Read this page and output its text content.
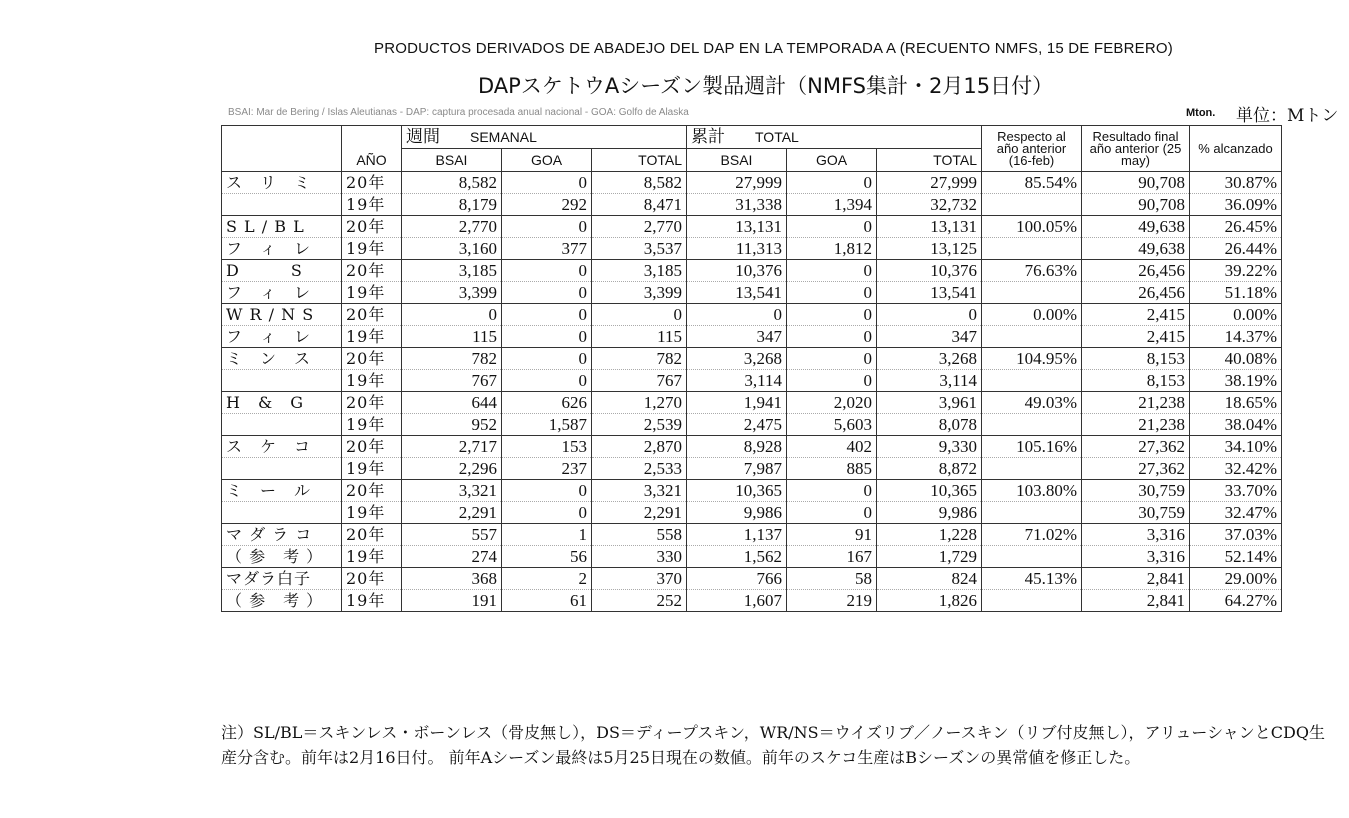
PRODUCTOS DERIVADOS DE ABADEJO DEL DAP EN LA TEMPORADA A (RECUENTO NMFS, 15 DE FEBRERO)
DAPスケトウAシーズン製品週計（NMFS集計・2月15日付）
BSAI: Mar de Bering / Islas Aleutianas - DAP: captura procesada anual nacional - GOA: Golfo de Alaska	Mton. 単位：Mトン
		週間 SEMANAL			累計 TOTAL			Respecto al año anterior (16-feb)	Resultado final año anterior (25 may)	% alcanzado
	AÑO	BSAI	GOA	TOTAL	BSAI	GOA	TOTAL			
ス　リ　ミ	20年	8,582	0	8,582	27,999	0	27,999	85.54%	90,708	30.87%
	19年	8,179	292	8,471	31,338	1,394	32,732		90,708	36.09%
S L / B L	20年	2,770	0	2,770	13,131	0	13,131	100.05%	49,638	26.45%
フ　ィ　レ	19年	3,160	377	3,537	11,313	1,812	13,125		49,638	26.44%
D　　　S	20年	3,185	0	3,185	10,376	0	10,376	76.63%	26,456	39.22%
フ　ィ　レ	19年	3,399	0	3,399	13,541	0	13,541		26,456	51.18%
W R / N S	20年	0	0	0	0	0	0	0.00%	2,415	0.00%
フ　ィ　レ	19年	115	0	115	347	0	347		2,415	14.37%
ミ　ン　ス	20年	782	0	782	3,268	0	3,268	104.95%	8,153	40.08%
	19年	767	0	767	3,114	0	3,114		8,153	38.19%
H　&　G	20年	644	626	1,270	1,941	2,020	3,961	49.03%	21,238	18.65%
	19年	952	1,587	2,539	2,475	5,603	8,078		21,238	38.04%
ス　ケ　コ	20年	2,717	153	2,870	8,928	402	9,330	105.16%	27,362	34.10%
	19年	2,296	237	2,533	7,987	885	8,872		27,362	32.42%
ミ　ー　ル	20年	3,321	0	3,321	10,365	0	10,365	103.80%	30,759	33.70%
	19年	2,291	0	2,291	9,986	0	9,986		30,759	32.47%
マ ダ ラ コ	20年	557	1	558	1,137	91	1,228	71.02%	3,316	37.03%
（ 参　考 ）	19年	274	56	330	1,562	167	1,729		3,316	52.14%
マダラ白子	20年	368	2	370	766	58	824	45.13%	2,841	29.00%
（ 参　考 ）	19年	191	61	252	1,607	219	1,826		2,841	64.27%
注）SL/BL＝スキンレス・ボーンレス（骨皮無し），DS＝ディープスキン，WR/NS＝ウイズリブ／ノースキン（リブ付皮無し），アリューシャンとCDQ生産分含む。前年は2月16日付。 前年Aシーズン最終は5月25日現在の数値。前年のスケコ生産はBシーズンの異常値を修正した。
